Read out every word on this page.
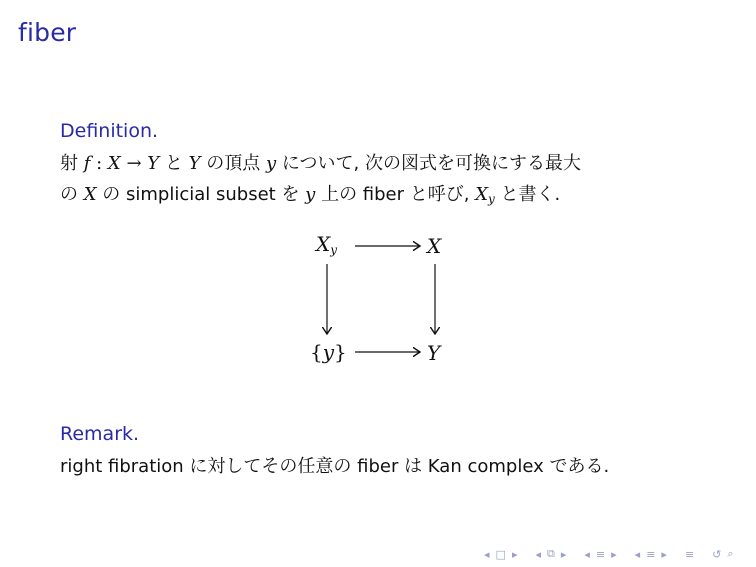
fiber
Definition.
射 f : X → Y と Y の頂点 y について, 次の図式を可換にする最大
の X の simplicial subset を y 上の fiber と呼び, $X_y$ と書く.
$X_y$	X
{y}	Y
Remark.
right fibration に対してその任意の fiber は Kan complex である.
◂ □ ▸ ◂ ⧉ ▸ ◂ ≡ ▸ ◂ ≡ ▸ ≡ ↺ ⌕
